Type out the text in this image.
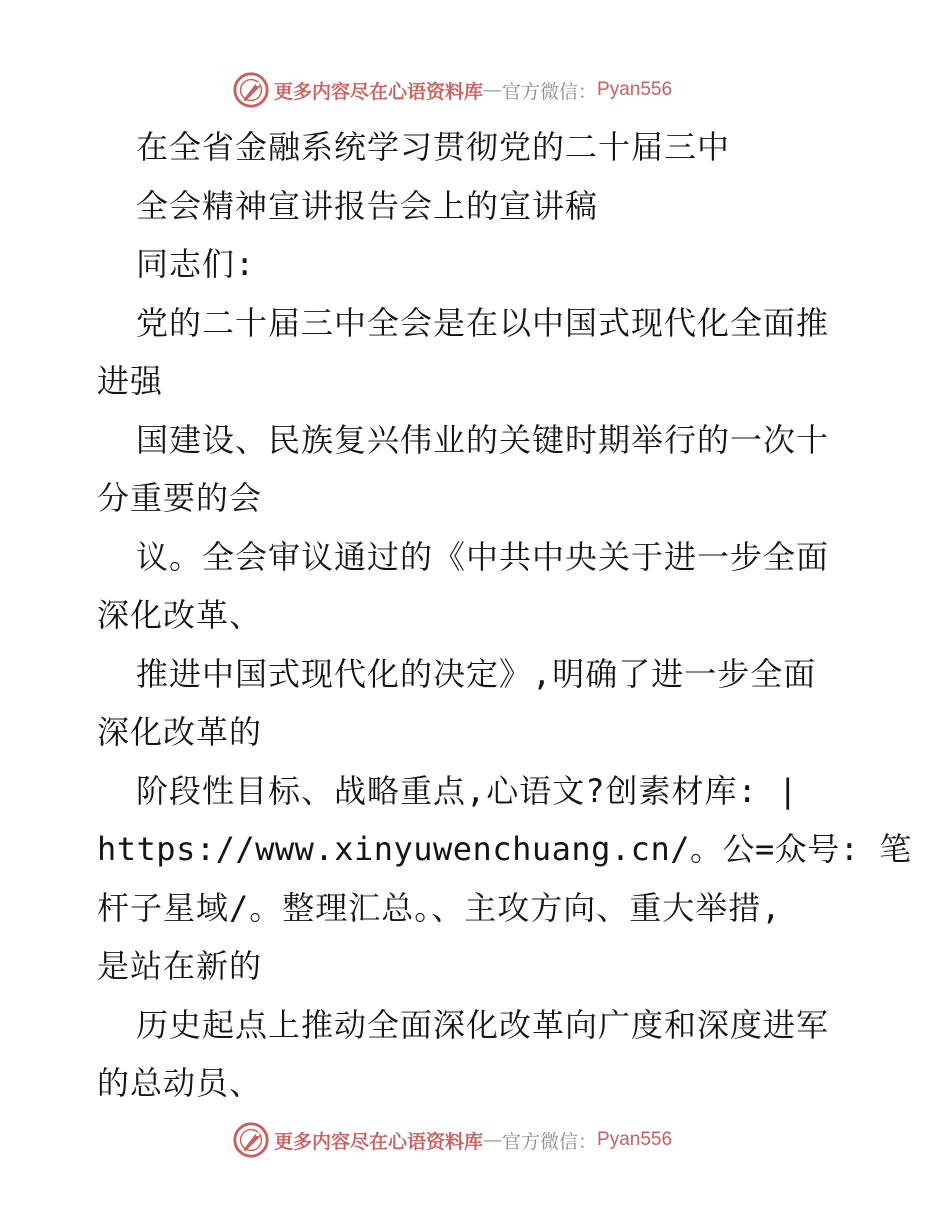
更多内容尽在心语资料库 — 官方微信： Pyan556
在全省金融系统学习贯彻党的二十届三中
全会精神宣讲报告会上的宣讲稿
同志们:
党的二十届三中全会是在以中国式现代化全面推
进强
国建设、民族复兴伟业的关键时期举行的一次十
分重要的会
议。全会审议通过的《中共中央关于进一步全面
深化改革、
推进中国式现代化的决定》,明确了进一步全面
深化改革的
阶段性目标、战略重点,心语文?创素材库: |
https://www.xinyuwenchuang.cn/。公=众号: 笔
杆子星域/。整理汇总。、主攻方向、重大举措,
是站在新的
历史起点上推动全面深化改革向广度和深度进军
的总动员、
更多内容尽在心语资料库 — 官方微信： Pyan556
